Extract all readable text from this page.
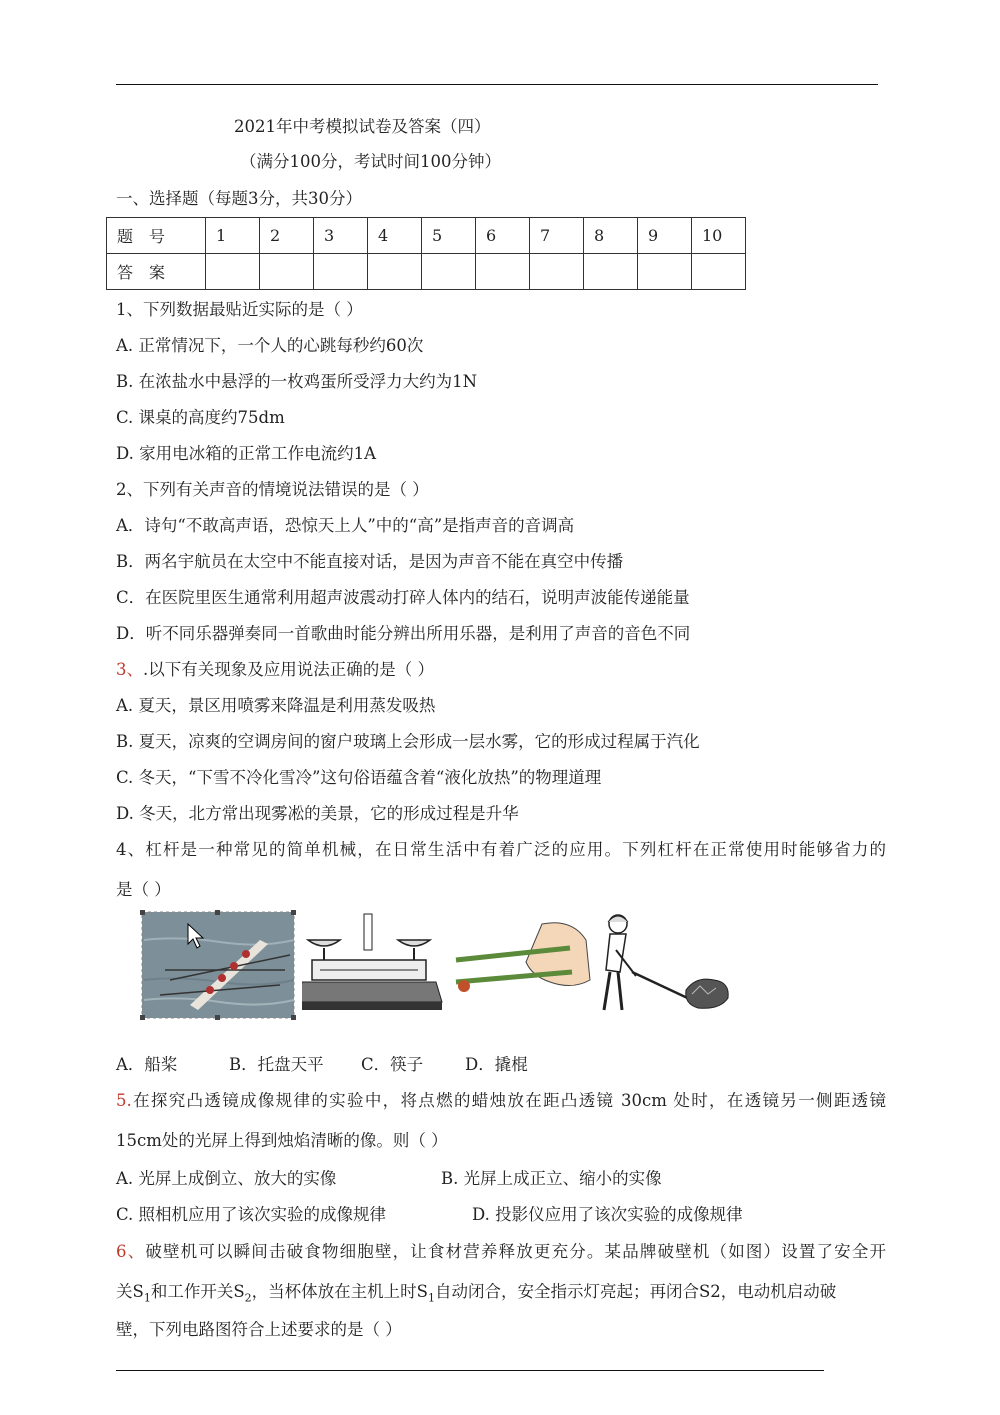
2021年中考模拟试卷及答案（四）
（满分100分，考试时间100分钟）
一、选择题（每题3分，共30分）
题　号	1	2	3	4	5	6	7	8	9	10
答　案										
1、下列数据最贴近实际的是（ ）
A. 正常情况下，一个人的心跳每秒约60次
B. 在浓盐水中悬浮的一枚鸡蛋所受浮力大约为1N
C. 课桌的高度约75dm
D. 家用电冰箱的正常工作电流约1A
2、下列有关声音的情境说法错误的是（ ）
A．诗句“不敢高声语，恐惊天上人”中的“高”是指声音的音调高
B．两名宇航员在太空中不能直接对话，是因为声音不能在真空中传播
C．在医院里医生通常利用超声波震动打碎人体内的结石，说明声波能传递能量
D．听不同乐器弹奏同一首歌曲时能分辨出所用乐器，是利用了声音的音色不同
3、.以下有关现象及应用说法正确的是（ ）
A. 夏天，景区用喷雾来降温是利用蒸发吸热
B. 夏天，凉爽的空调房间的窗户玻璃上会形成一层水雾，它的形成过程属于汽化
C. 冬天，“下雪不冷化雪冷”这句俗语蕴含着“液化放热”的物理道理
D. 冬天，北方常出现雾凇的美景，它的形成过程是升华
4、杠杆是一种常见的简单机械，在日常生活中有着广泛的应用。下列杠杆在正常使用时能够省力的
是（ ）
A．船桨	B．托盘天平 C．筷子	D．撬棍
5.在探究凸透镜成像规律的实验中，将点燃的蜡烛放在距凸透镜 30cm 处时，在透镜另一侧距透镜
15cm处的光屏上得到烛焰清晰的像。则（ ）
A. 光屏上成倒立、放大的实像	B. 光屏上成正立、缩小的实像
C. 照相机应用了该次实验的成像规律	D. 投影仪应用了该次实验的成像规律
6、破壁机可以瞬间击破食物细胞壁，让食材营养释放更充分。某品牌破壁机（如图）设置了安全开
关$S_1$和工作开关$S_2$，当杯体放在主机上时$S_1$自动闭合，安全指示灯亮起；再闭合S2，电动机启动破
壁，下列电路图符合上述要求的是（ ）
